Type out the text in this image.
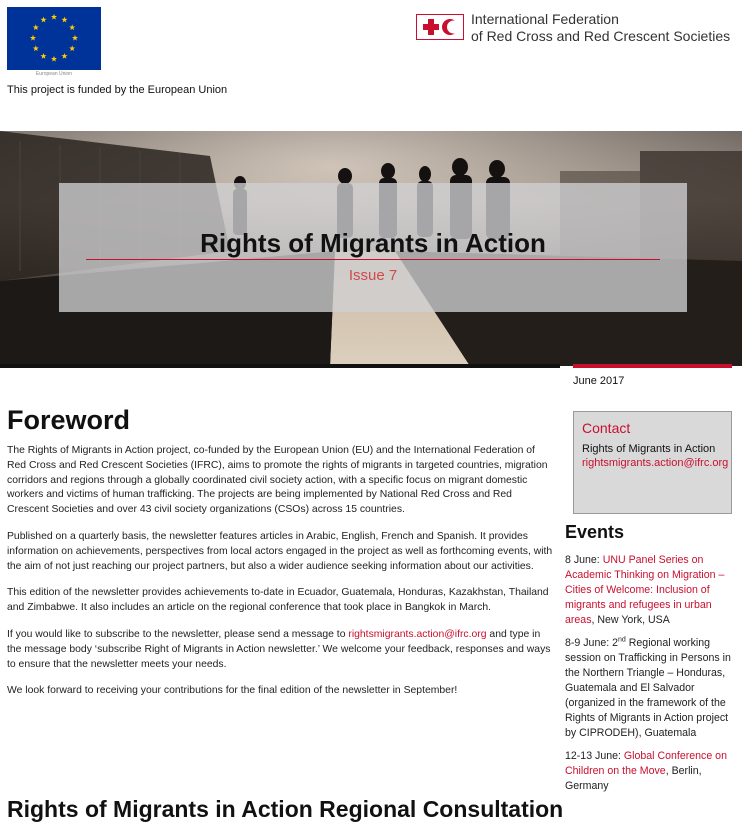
European Union
This project is funded by the European Union
International Federation
of Red Cross and Red Crescent Societies
Rights of Migrants in Action
Issue 7
June 2017
Foreword

The Rights of Migrants in Action project, co-funded by the European Union (EU) and the International Federation of Red Cross and Red Crescent Societies (IFRC), aims to promote the rights of migrants in targeted countries, migration corridors and regions through a globally coordinated civil society action, with a specific focus on migrant domestic workers and victims of human trafficking. The projects are being implemented by National Red Cross and Red Crescent Societies and over 43 civil society organizations (CSOs) across 15 countries.

Published on a quarterly basis, the newsletter features articles in Arabic, English, French and Spanish. It provides information on achievements, perspectives from local actors engaged in the project as well as forthcoming events, with the aim of not just reaching our project partners, but also a wider audience seeking information about our activities.

This edition of the newsletter provides achievements to-date in Ecuador, Guatemala, Honduras, Kazakhstan, Thailand and Zimbabwe. It also includes an article on the regional conference that took place in Bangkok in March.

If you would like to subscribe to the newsletter, please send a message to rightsmigrants.action@ifrc.org and type in the message body ‘subscribe Right of Migrants in Action newsletter.’ We welcome your feedback, responses and ways to ensure that the newsletter meets your needs.

We look forward to receiving your contributions for the final edition of the newsletter in September!

Rights of Migrants in Action Regional Consultation
Contact
Rights of Migrants in Action
rightsmigrants.action@ifrc.org
Events
8 June: UNU Panel Series on Academic Thinking on Migration – Cities of Welcome: Inclusion of migrants and refugees in urban areas, New York, USA
8-9 June: 2nd Regional working session on Trafficking in Persons in the Northern Triangle – Honduras, Guatemala and El Salvador (organized in the framework of the Rights of Migrants in Action project by CIPRODEH), Guatemala
12-13 June: Global Conference on Children on the Move, Berlin, Germany
